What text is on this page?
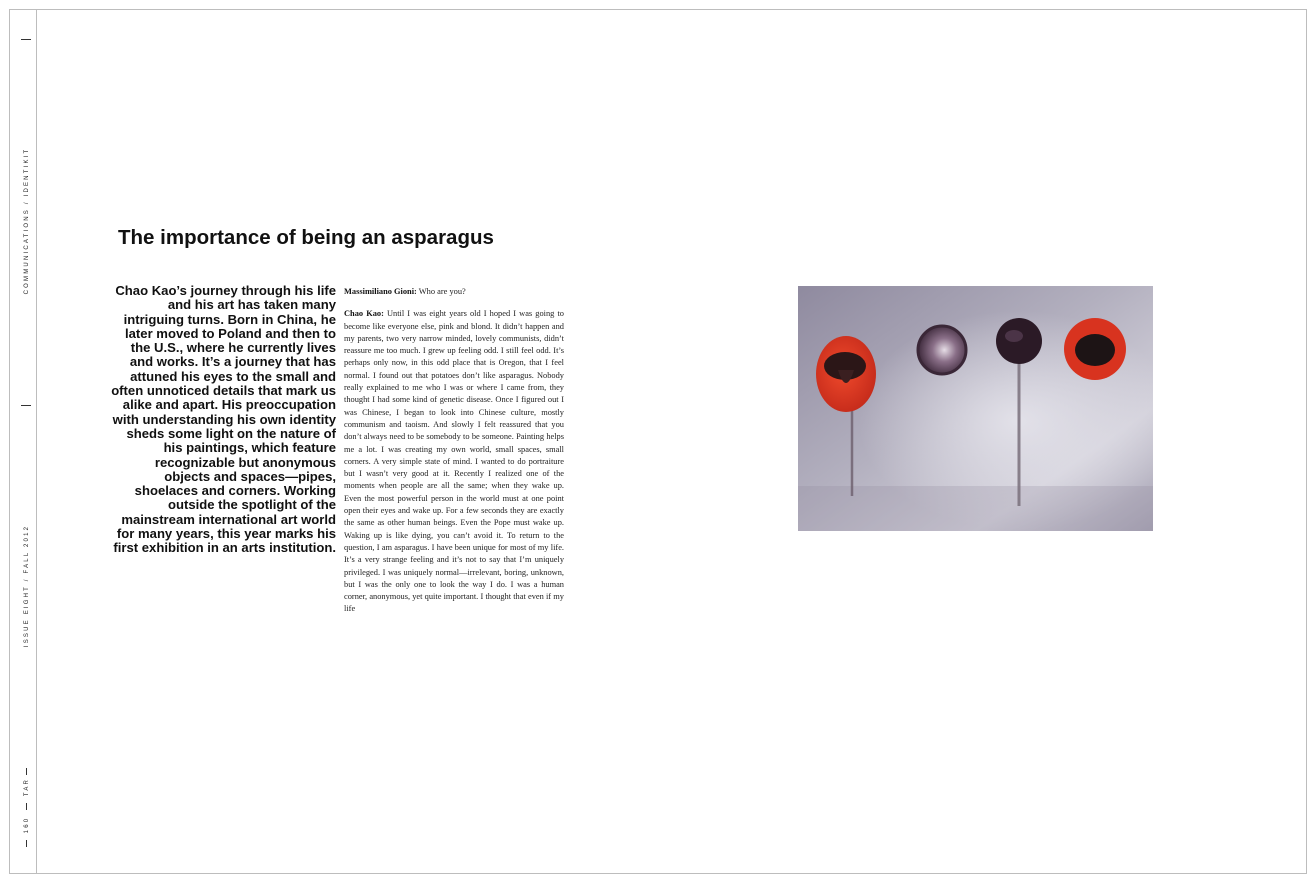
COMMUNICATIONS / IDENTIKIT
ISSUE EIGHT / FALL 2012
TAR
160
The importance of being an asparagus

Chao Kao’s journey through his life and his art has taken many intriguing turns. Born in China, he later moved to Poland and then to the U.S., where he currently lives and works. It’s a journey that has attuned his eyes to the small and often unnoticed details that mark us alike and apart. His preoccupation with understanding his own identity sheds some light on the nature of his paintings, which feature recognizable but anonymous objects and spaces—pipes, shoelaces and corners. Working outside the spotlight of the mainstream international art world for many years, this year marks his first exhibition in an arts institution.

Massimiliano Gioni: Who are you?

Chao Kao: Until I was eight years old I hoped I was going to become like everyone else, pink and blond. It didn’t happen and my parents, two very narrow minded, lovely communists, didn’t reassure me too much. I grew up feeling odd. I still feel odd. It’s perhaps only now, in this odd place that is Oregon, that I feel normal. I found out that potatoes don’t like asparagus. Nobody really explained to me who I was or where I came from, they thought I had some kind of genetic disease. Once I figured out I was Chinese, I began to look into Chinese culture, mostly communism and taoism. And slowly I felt reassured that you don’t always need to be somebody to be someone. Painting helps me a lot. I was creating my own world, small spaces, small corners. A very simple state of mind. I wanted to do portraiture but I wasn’t very good at it. Recently I realized one of the moments when people are all the same; when they wake up. Even the most powerful person in the world must at one point open their eyes and wake up. For a few seconds they are exactly the same as other human beings. Even the Pope must wake up. Waking up is like dying, you can’t avoid it. To return to the question, I am asparagus. I have been unique for most of my life. It’s a very strange feeling and it’s not to say that I’m uniquely privileged. I was uniquely normal—irrelevant, boring, unknown, but I was the only one to look the way I do. I was a human corner, anonymous, yet quite important. I thought that even if my life
